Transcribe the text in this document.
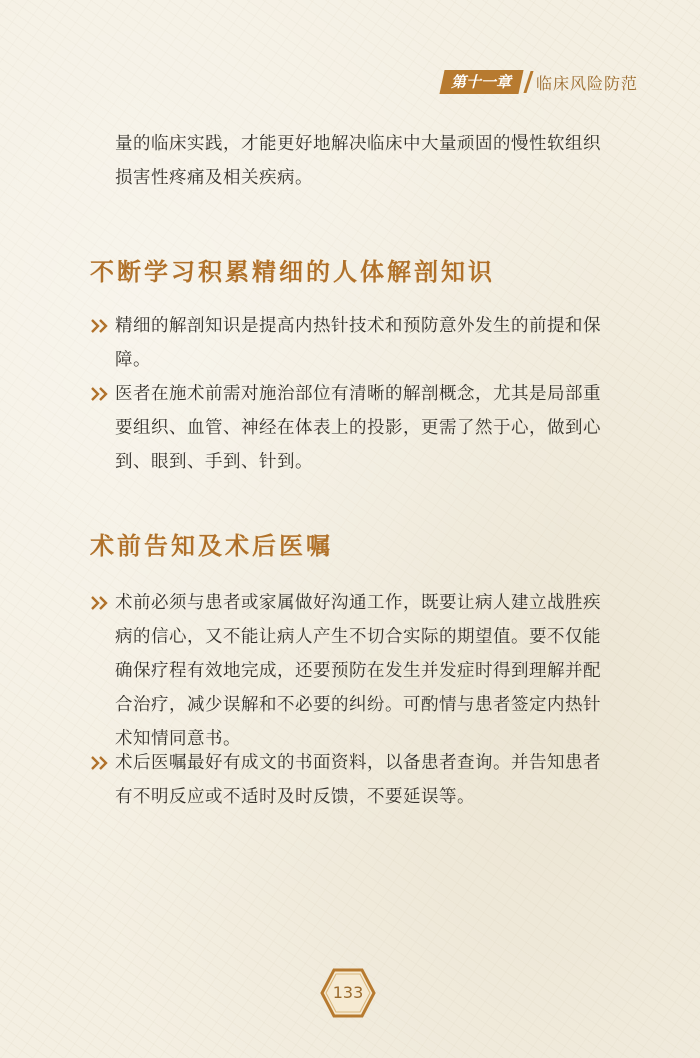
第十一章	临床风险防范
量的临床实践，才能更好地解决临床中大量顽固的慢性软组织损害性疼痛及相关疾病。
不断学习积累精细的人体解剖知识
精细的解剖知识是提高内热针技术和预防意外发生的前提和保障。
医者在施术前需对施治部位有清晰的解剖概念，尤其是局部重要组织、血管、神经在体表上的投影，更需了然于心，做到心到、眼到、手到、针到。
术前告知及术后医嘱
术前必须与患者或家属做好沟通工作，既要让病人建立战胜疾病的信心，又不能让病人产生不切合实际的期望值。要不仅能确保疗程有效地完成，还要预防在发生并发症时得到理解并配合治疗，减少误解和不必要的纠纷。可酌情与患者签定内热针术知情同意书。
术后医嘱最好有成文的书面资料，以备患者查询。并告知患者有不明反应或不适时及时反馈，不要延误等。
133
